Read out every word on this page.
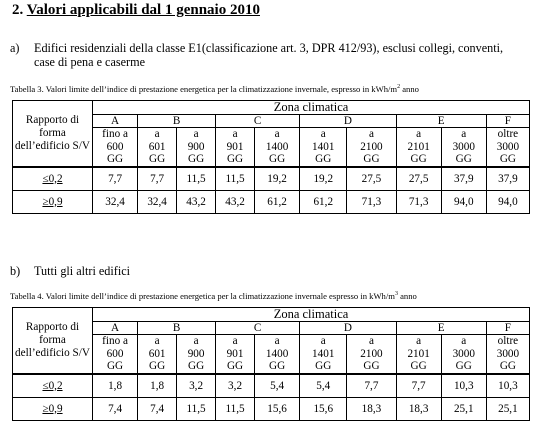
2. Valori applicabili dal 1 gennaio 2010

a) Edifici residenziali della classe E1(classificazione art. 3, DPR 412/93), esclusi collegi, conventi,
case di pena e caserme

Tabella 3. Valori limite dell’indice di prestazione energetica per la climatizzazione invernale, espresso in kWh/$m^2$ anno

Rapporto di forma dell’edificio S/V	Zona climatica									
	A	B		C		D		E		F
	fino a
600
GG	a
601
GG	a
900
GG	a
901
GG	a
1400
GG	a
1401
GG	a
2100
GG	a
2101
GG	a
3000
GG	oltre
3000
GG
≤0,2	7,7	7,7	11,5	11,5	19,2	19,2	27,5	27,5	37,9	37,9
≥0,9	32,4	32,4	43,2	43,2	61,2	61,2	71,3	71,3	94,0	94,0

b) Tutti gli altri edifici

Tabella 4. Valori limite dell’indice di prestazione energetica per la climatizzazione invernale espresso in kWh/$m^3$ anno

Rapporto di forma dell’edificio S/V	Zona climatica									
	A	B		C		D		E		F
	fino a
600
GG	a
601
GG	a
900
GG	a
901
GG	a
1400
GG	a
1401
GG	a
2100
GG	a
2101
GG	a
3000
GG	oltre
3000
GG
≤0,2	1,8	1,8	3,2	3,2	5,4	5,4	7,7	7,7	10,3	10,3
≥0,9	7,4	7,4	11,5	11,5	15,6	15,6	18,3	18,3	25,1	25,1
